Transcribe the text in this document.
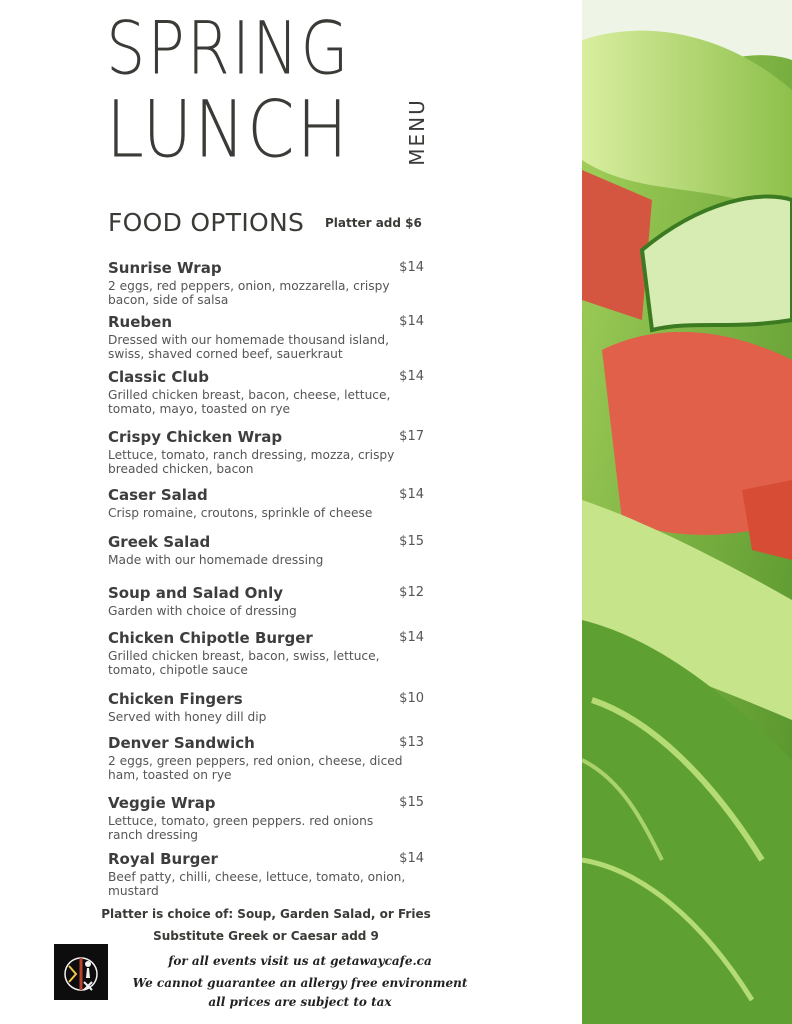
SPRING
LUNCH	MENU
FOOD OPTIONS Platter add $6
Sunrise Wrap	$14
2 eggs, red peppers, onion, mozzarella, crispy bacon, side of salsa
Rueben	$14
Dressed with our homemade thousand island, swiss, shaved corned beef, sauerkraut
Classic Club	$14
Grilled chicken breast, bacon, cheese, lettuce, tomato, mayo, toasted on rye
Crispy Chicken Wrap	$17
Lettuce, tomato, ranch dressing, mozza, crispy breaded chicken, bacon
Caser Salad	$14
Crisp romaine, croutons, sprinkle of cheese
Greek Salad	$15
Made with our homemade dressing
Soup and Salad Only	$12
Garden with choice of dressing
Chicken Chipotle Burger	$14
Grilled chicken breast, bacon, swiss, lettuce, tomato, chipotle sauce
Chicken Fingers	$10
Served with honey dill dip
Denver Sandwich	$13
2 eggs, green peppers, red onion, cheese, diced ham, toasted on rye
Veggie Wrap	$15
Lettuce, tomato, green peppers. red onions ranch dressing
Royal Burger	$14
Beef patty, chilli, cheese, lettuce, tomato, onion, mustard
Platter is choice of: Soup, Garden Salad, or Fries
Substitute Greek or Caesar add 9
for all events visit us at getawaycafe.ca
We cannot guarantee an allergy free environment
all prices are subject to tax
